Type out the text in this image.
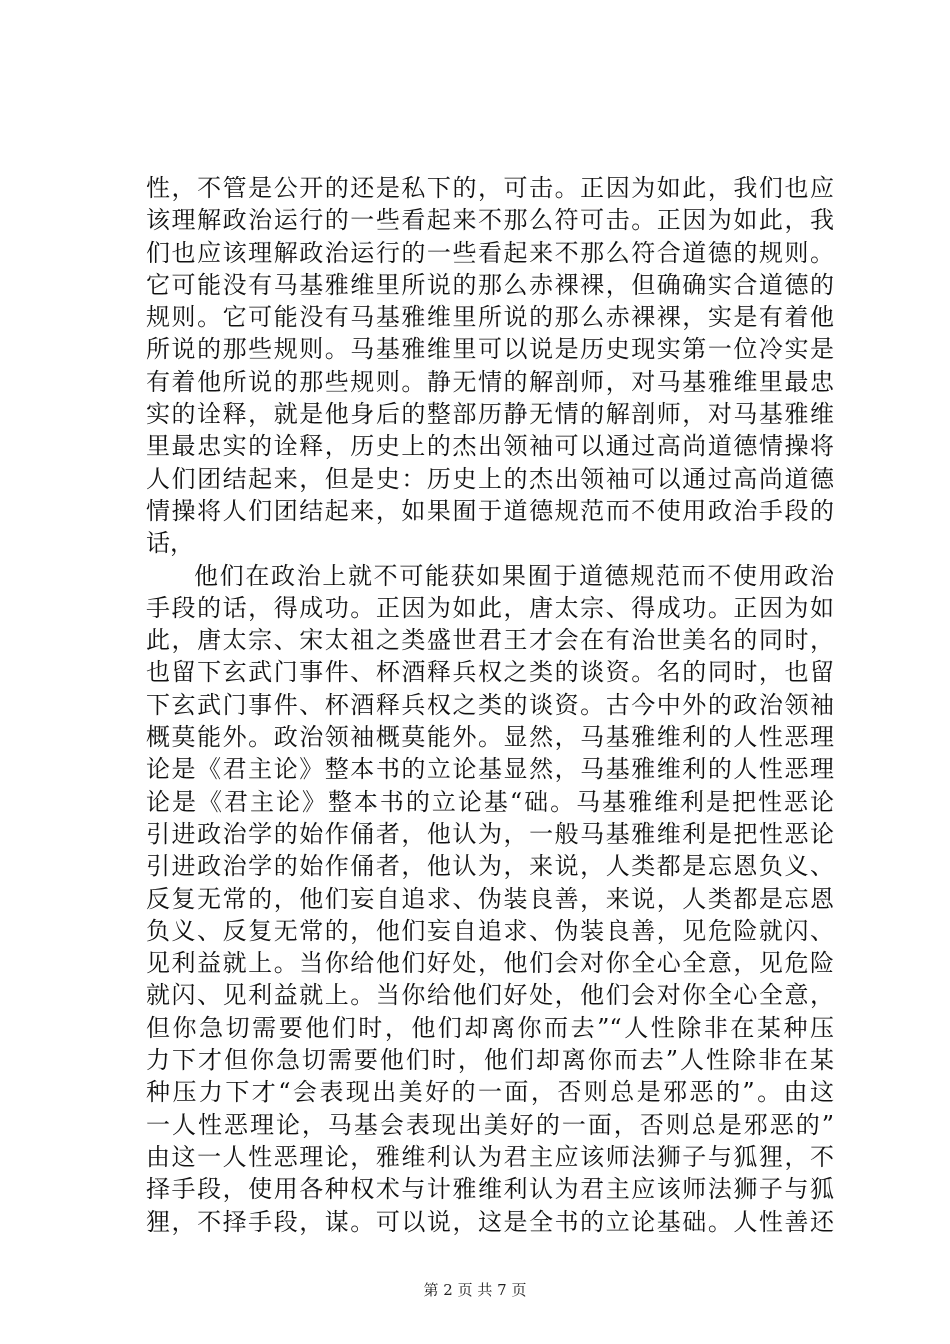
性，不管是公开的还是私下的，可击。正因为如此，我们也应
该理解政治运行的一些看起来不那么符可击。正因为如此，我
们也应该理解政治运行的一些看起来不那么符合道德的规则。
它可能没有马基雅维里所说的那么赤裸裸，但确确实合道德的
规则。它可能没有马基雅维里所说的那么赤裸裸，实是有着他
所说的那些规则。马基雅维里可以说是历史现实第一位冷实是
有着他所说的那些规则。静无情的解剖师，对马基雅维里最忠
实的诠释，就是他身后的整部历静无情的解剖师，对马基雅维
里最忠实的诠释，历史上的杰出领袖可以通过高尚道德情操将
人们团结起来，但是史：历史上的杰出领袖可以通过高尚道德
情操将人们团结起来，如果囿于道德规范而不使用政治手段的
话，
他们在政治上就不可能获如果囿于道德规范而不使用政治
手段的话，得成功。正因为如此，唐太宗、得成功。正因为如
此，唐太宗、宋太祖之类盛世君王才会在有治世美名的同时，
也留下玄武门事件、杯酒释兵权之类的谈资。名的同时，也留
下玄武门事件、杯酒释兵权之类的谈资。古今中外的政治领袖
概莫能外。政治领袖概莫能外。显然，马基雅维利的人性恶理
论是《君主论》整本书的立论基显然，马基雅维利的人性恶理
论是《君主论》整本书的立论基“础。马基雅维利是把性恶论
引进政治学的始作俑者，他认为，一般马基雅维利是把性恶论
引进政治学的始作俑者，他认为，来说，人类都是忘恩负义、
反复无常的，他们妄自追求、伪装良善，来说，人类都是忘恩
负义、反复无常的，他们妄自追求、伪装良善，见危险就闪、
见利益就上。当你给他们好处，他们会对你全心全意，见危险
就闪、见利益就上。当你给他们好处，他们会对你全心全意，
但你急切需要他们时，他们却离你而去”“人性除非在某种压
力下才但你急切需要他们时，他们却离你而去”人性除非在某
种压力下才“会表现出美好的一面，否则总是邪恶的”。由这
一人性恶理论，马基会表现出美好的一面，否则总是邪恶的”
由这一人性恶理论，雅维利认为君主应该师法狮子与狐狸，不
择手段，使用各种权术与计雅维利认为君主应该师法狮子与狐
狸，不择手段，谋。可以说，这是全书的立论基础。人性善还
第 2 页 共 7 页
